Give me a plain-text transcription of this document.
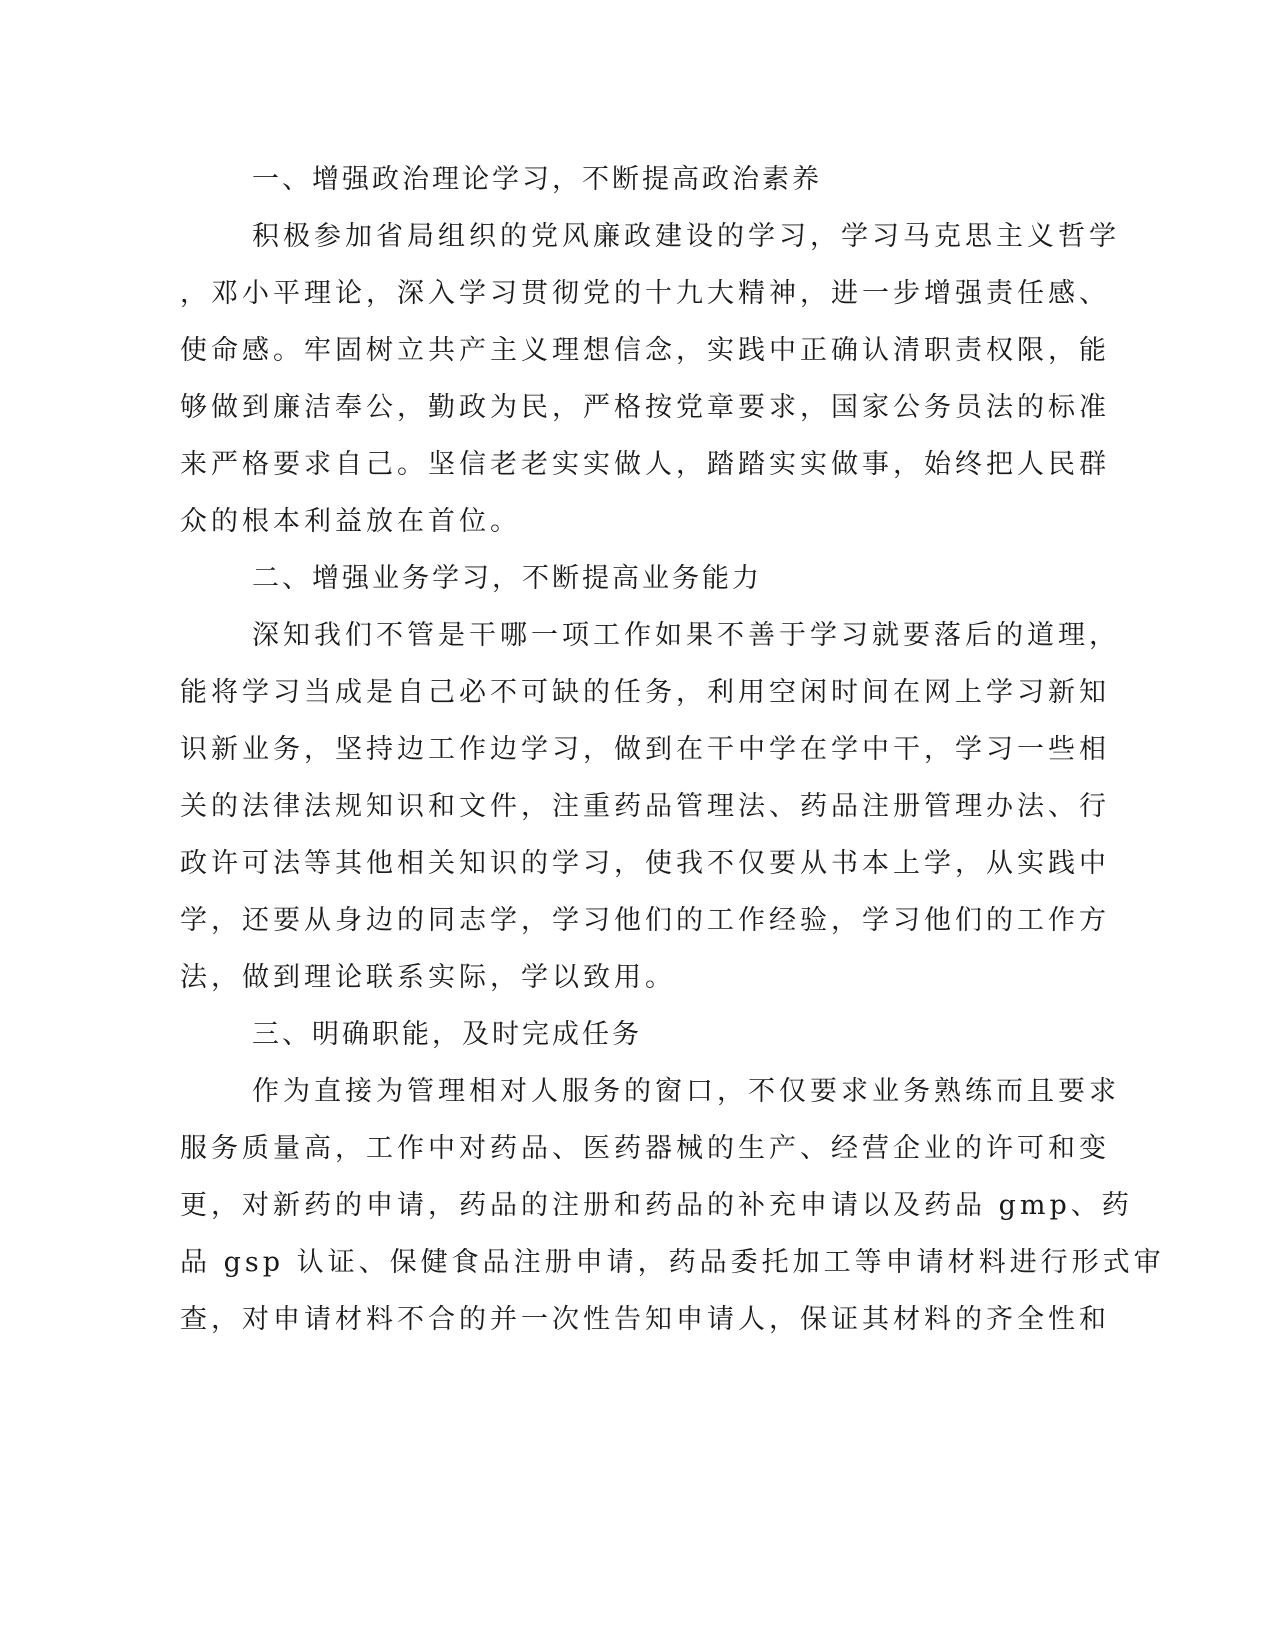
一、增强政治理论学习，不断提高政治素养

积极参加省局组织的党风廉政建设的学习，学习马克思主义哲学

，邓小平理论，深入学习贯彻党的十九大精神，进一步增强责任感、

使命感。牢固树立共产主义理想信念，实践中正确认清职责权限，能

够做到廉洁奉公，勤政为民，严格按党章要求，国家公务员法的标准

来严格要求自己。坚信老老实实做人，踏踏实实做事，始终把人民群

众的根本利益放在首位。

二、增强业务学习，不断提高业务能力

深知我们不管是干哪一项工作如果不善于学习就要落后的道理，

能将学习当成是自己必不可缺的任务，利用空闲时间在网上学习新知

识新业务，坚持边工作边学习，做到在干中学在学中干，学习一些相

关的法律法规知识和文件，注重药品管理法、药品注册管理办法、行

政许可法等其他相关知识的学习，使我不仅要从书本上学，从实践中

学，还要从身边的同志学，学习他们的工作经验，学习他们的工作方

法，做到理论联系实际，学以致用。

三、明确职能，及时完成任务

作为直接为管理相对人服务的窗口，不仅要求业务熟练而且要求

服务质量高，工作中对药品、医药器械的生产、经营企业的许可和变

更，对新药的申请，药品的注册和药品的补充申请以及药品 gmp、药

品 gsp 认证、保健食品注册申请，药品委托加工等申请材料进行形式审

查，对申请材料不合的并一次性告知申请人，保证其材料的齐全性和
